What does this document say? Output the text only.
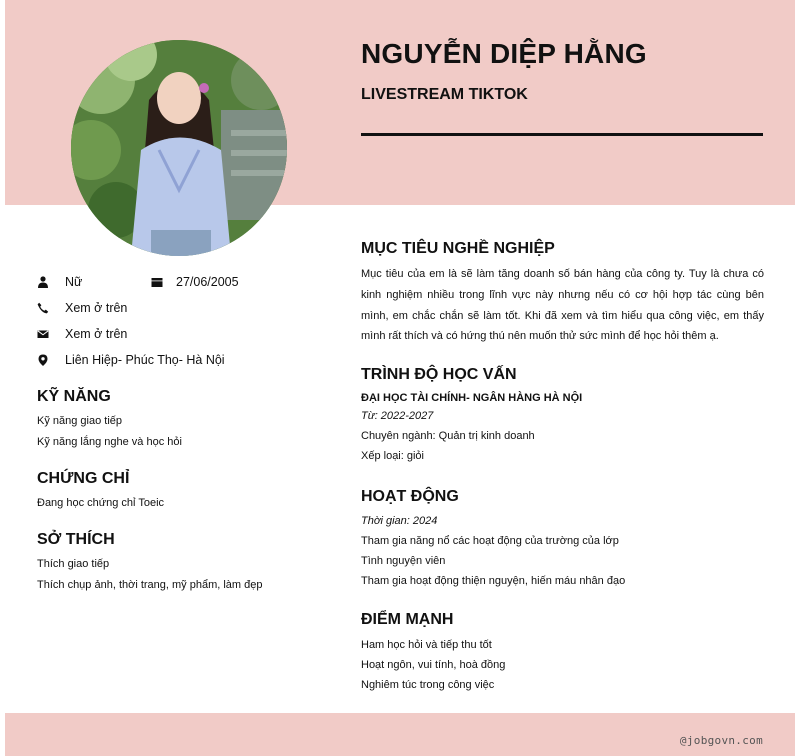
NGUYỄN DIỆP HẰNG
LIVESTREAM TIKTOK
Nữ	27/06/2005
Xem ở trên
Xem ở trên
Liên Hiệp- Phúc Thọ- Hà Nội
KỸ NĂNG
Kỹ năng giao tiếp
Kỹ năng lắng nghe và học hỏi
CHỨNG CHỈ
Đang học chứng chỉ Toeic
SỞ THÍCH
Thích giao tiếp
Thích chụp ảnh, thời trang, mỹ phẩm, làm đẹp
MỤC TIÊU NGHỀ NGHIỆP
Mục tiêu của em là sẽ làm tăng doanh số bán hàng của công ty. Tuy là chưa có kinh nghiệm nhiều trong lĩnh vực này nhưng nếu có cơ hội hợp tác cùng bên mình, em chắc chắn sẽ làm tốt. Khi đã xem và tìm hiểu qua công việc, em thấy mình rất thích và có hứng thú nên muốn thử sức mình để học hỏi thêm ạ.
TRÌNH ĐỘ HỌC VẤN
ĐẠI HỌC TÀI CHÍNH- NGÂN HÀNG HÀ NỘI
Từ: 2022-2027
Chuyên ngành: Quản trị kinh doanh
Xếp loại: giỏi
HOẠT ĐỘNG
Thời gian: 2024
Tham gia năng nổ các hoạt động của trường của lớp
Tình nguyện viên
Tham gia hoạt động thiện nguyện, hiến máu nhân đạo
ĐIỂM MẠNH
Ham học hỏi và tiếp thu tốt
Hoạt ngôn, vui tính, hoà đồng
Nghiêm túc trong công việc
@jobgovn.com
